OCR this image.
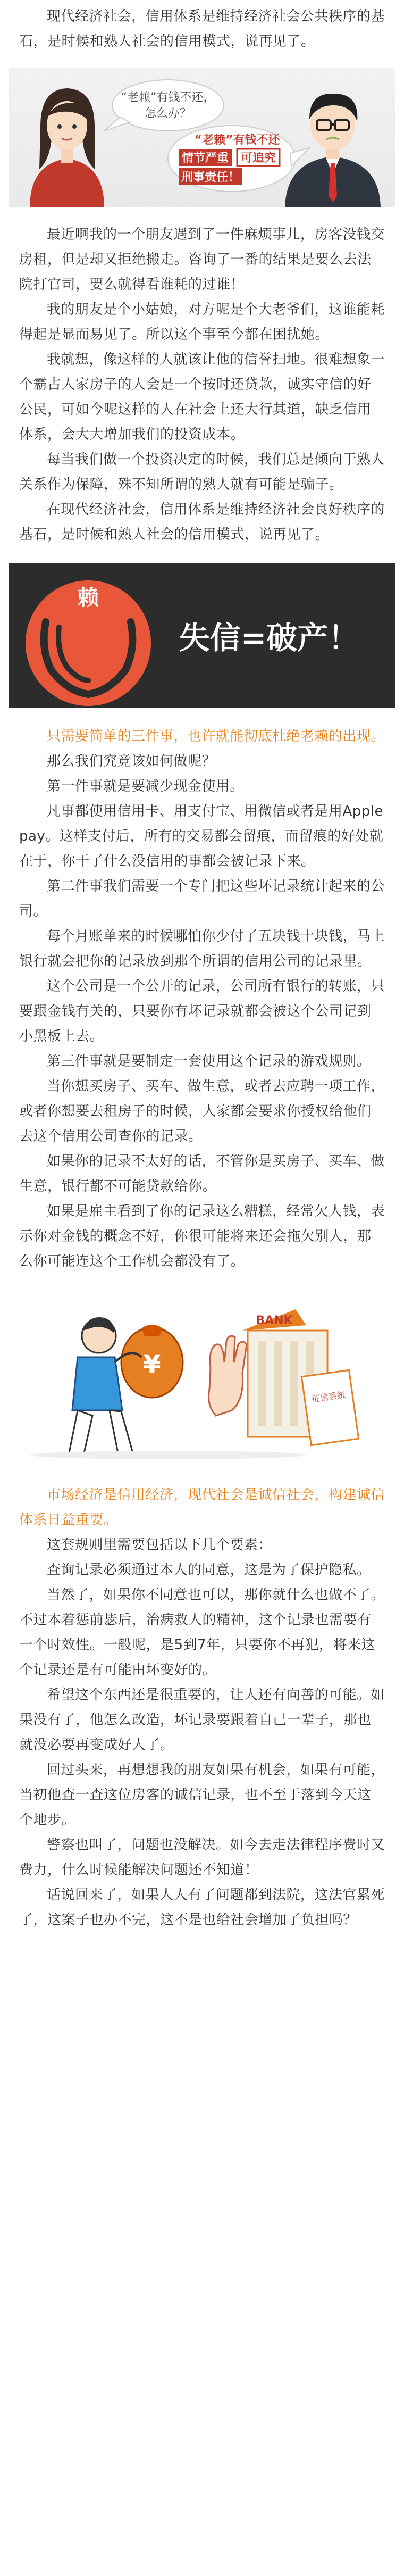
现代经济社会，信用体系是维持经济社会公共秩序的基石，是时候和熟人社会的信用模式，说再见了。

“老赖”有钱不还，
怎么办？
“老赖”有钱不还
情节严重 可追究
刑事责任！

最近啊我的一个朋友遇到了一件麻烦事儿，房客没钱交房租，但是却又拒绝搬走。咨询了一番的结果是要么去法院打官司，要么就得看谁耗的过谁！

我的朋友是个小姑娘，对方呢是个大老爷们，这谁能耗得起是显而易见了。所以这个事至今都在困扰她。

我就想，像这样的人就该让他的信誉扫地。很难想象一个霸占人家房子的人会是一个按时还贷款，诚实守信的好公民，可如今呢这样的人在社会上还大行其道，缺乏信用体系，会大大增加我们的投资成本。

每当我们做一个投资决定的时候，我们总是倾向于熟人关系作为保障，殊不知所谓的熟人就有可能是骗子。

在现代经济社会，信用体系是维持经济社会良好秩序的基石，是时候和熟人社会的信用模式，说再见了。

赖
失信=破产！

只需要简单的三件事，也许就能彻底杜绝老赖的出现。

那么我们究竟该如何做呢？

第一件事就是要减少现金使用。

凡事都使用信用卡、用支付宝、用微信或者是用Applepay。这样支付后，所有的交易都会留痕，而留痕的好处就在于，你干了什么没信用的事都会被记录下来。

第二件事我们需要一个专门把这些坏记录统计起来的公司。

每个月账单来的时候哪怕你少付了五块钱十块钱，马上银行就会把你的记录放到那个所谓的信用公司的记录里。

这个公司是一个公开的记录，公司所有银行的转账，只要跟金钱有关的，只要你有坏记录就都会被这个公司记到小黑板上去。

第三件事就是要制定一套使用这个记录的游戏规则。

当你想买房子、买车、做生意，或者去应聘一项工作，或者你想要去租房子的时候，人家都会要求你授权给他们去这个信用公司查你的记录。

如果你的记录不太好的话，不管你是买房子、买车、做生意，银行都不可能贷款给你。

如果是雇主看到了你的记录这么糟糕，经常欠人钱，表示你对金钱的概念不好，你很可能将来还会拖欠别人，那么你可能连这个工作机会都没有了。

BANK
征信系统
¥

市场经济是信用经济，现代社会是诚信社会，构建诚信体系日益重要。

这套规则里需要包括以下几个要素：

查询记录必须通过本人的同意，这是为了保护隐私。

当然了，如果你不同意也可以，那你就什么也做不了。不过本着惩前毖后，治病救人的精神，这个记录也需要有一个时效性。一般呢，是5到7年，只要你不再犯，将来这个记录还是有可能由坏变好的。

希望这个东西还是很重要的，让人还有向善的可能。如果没有了，他怎么改造，坏记录要跟着自己一辈子，那也就没必要再变成好人了。

回过头来，再想想我的朋友如果有机会，如果有可能，当初他查一查这位房客的诚信记录，也不至于落到今天这个地步。

警察也叫了，问题也没解决。如今去走法律程序费时又费力，什么时候能解决问题还不知道！

话说回来了，如果人人有了问题都到法院，这法官累死了，这案子也办不完，这不是也给社会增加了负担吗？
